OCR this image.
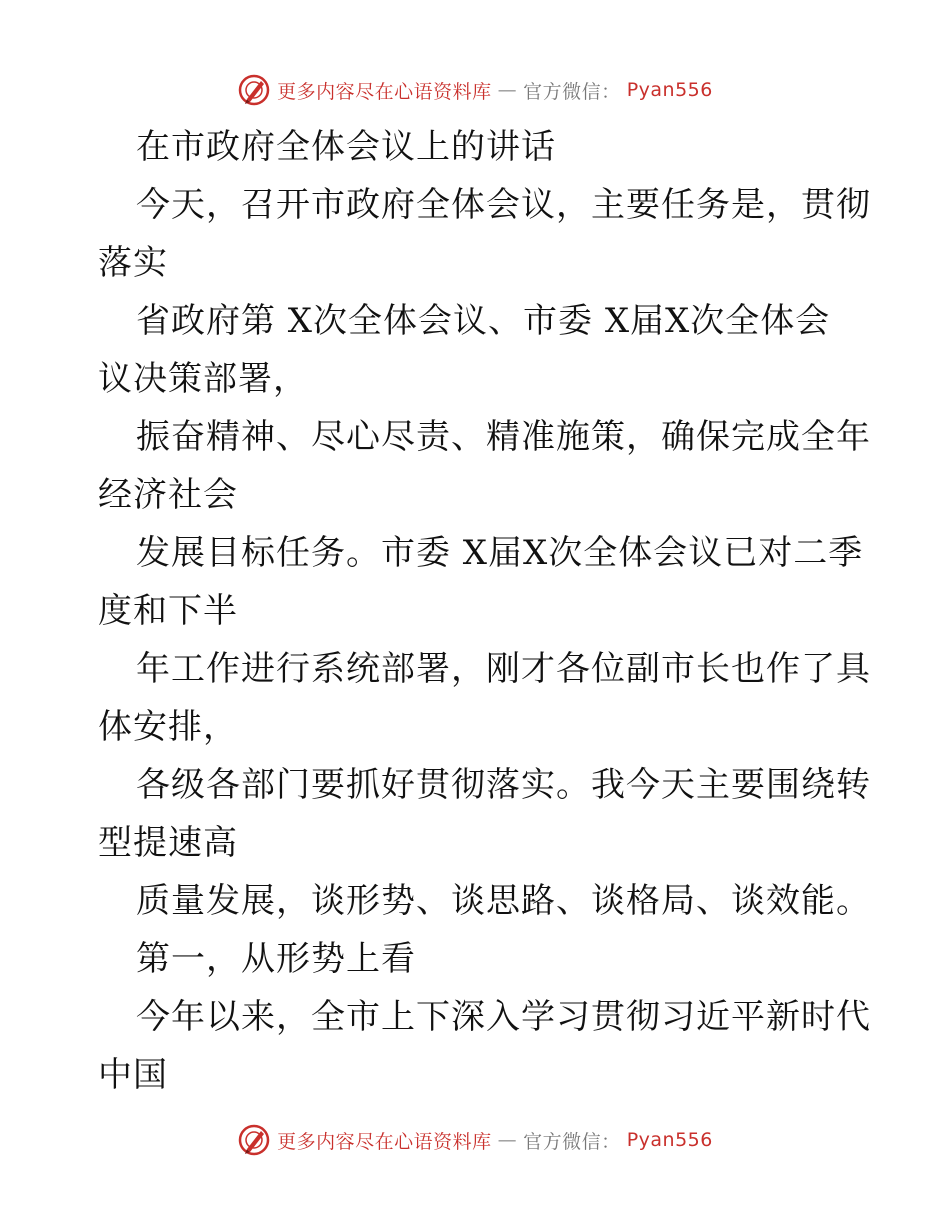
更多内容尽在心语资料库 — 官方微信： Pyan556
在市政府全体会议上的讲话
今天，召开市政府全体会议，主要任务是，贯彻
落实
省政府第 X次全体会议、市委 X届X次全体会
议决策部署，
振奋精神、尽心尽责、精准施策，确保完成全年
经济社会
发展目标任务。市委 X届X次全体会议已对二季
度和下半
年工作进行系统部署，刚才各位副市长也作了具
体安排，
各级各部门要抓好贯彻落实。我今天主要围绕转
型提速高
质量发展，谈形势、谈思路、谈格局、谈效能。
第一，从形势上看
今年以来，全市上下深入学习贯彻习近平新时代
中国
更多内容尽在心语资料库 — 官方微信： Pyan556
